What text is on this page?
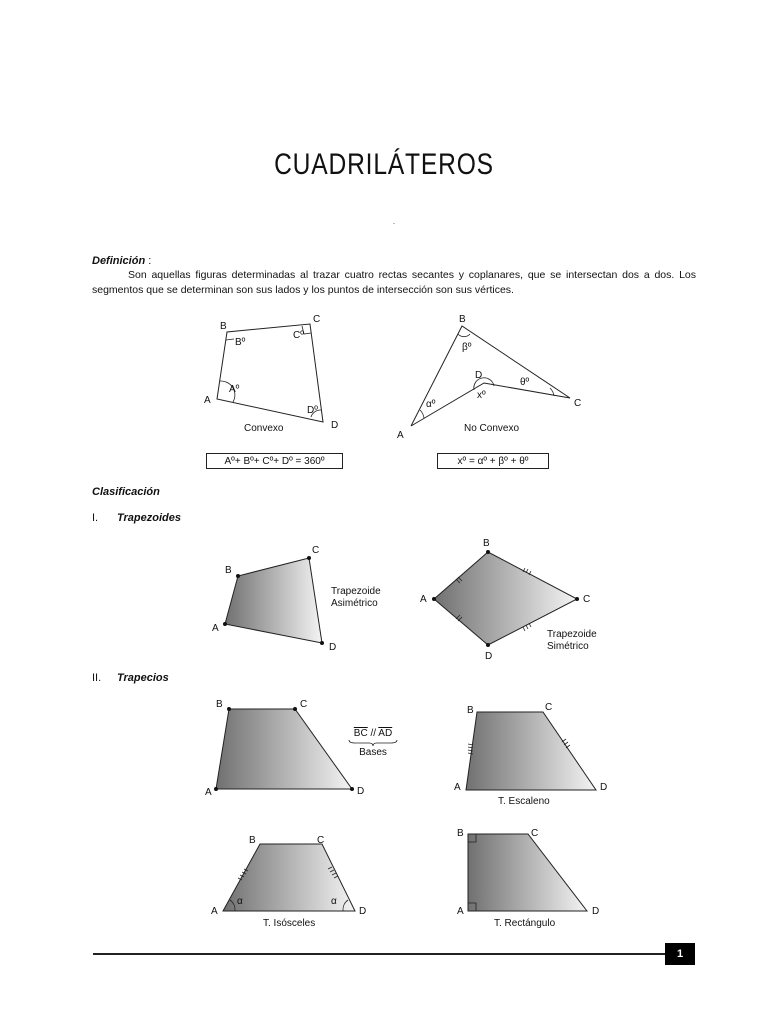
CUADRILÁTEROS
Definición :
Son aquellas figuras determinadas al trazar cuatro rectas secantes y coplanares, que se intersectan dos a dos. Los segmentos que se determinan son sus lados y los puntos de intersección son sus vértices.
A
B
C
D
Aº
Bº
Cº
Dº
Convexo
Aº+ Bº+ Cº+ Dº = 360º
A
B
C
D
αº
βº
θº
xº
No Convexo
xº = αº + βº + θº
Clasificación
I. Trapezoides
A
B
C
D
Trapezoide
Asimétrico	A
B
C
D
Trapezoide
Simétrico
II. Trapecios
A
B	C
D
$\overline{BC} // \overline{AD}$
Bases
A
B	C
D
T. Escaleno
A
B	C
D
α	α
T. Isósceles
A
B	C
D
T. Rectángulo
1
